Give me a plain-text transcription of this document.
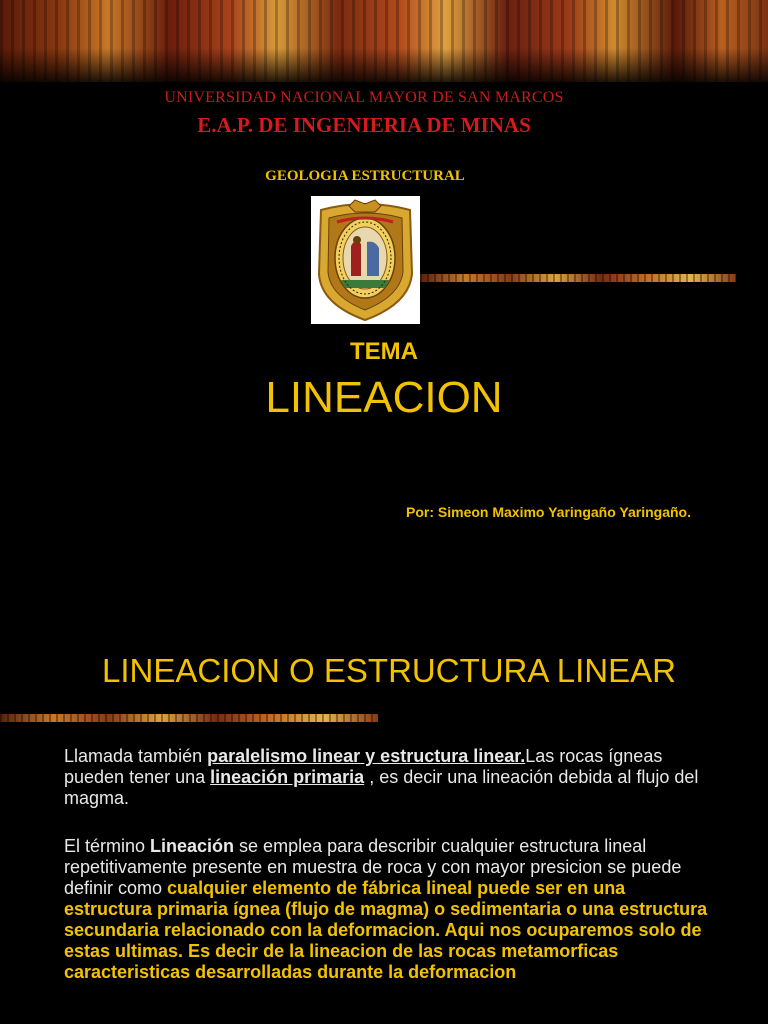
UNIVERSIDAD NACIONAL MAYOR DE SAN MARCOS
E.A.P. DE INGENIERIA DE MINAS
GEOLOGIA ESTRUCTURAL
TEMA
LINEACION
Por: Simeon Maximo Yaringaño Yaringaño.
LINEACION O ESTRUCTURA LINEAR
Llamada también paralelismo linear y estructura linear.Las rocas ígneas pueden tener una lineación primaria , es decir una lineación debida al flujo del magma.
El término Lineación se emplea para describir cualquier estructura lineal repetitivamente presente en muestra de roca y con mayor presicion se puede definir como cualquier elemento de fábrica lineal puede ser en una estructura primaria ígnea (flujo de magma) o sedimentaria o una estructura secundaria relacionado con la deformacion. Aqui nos ocuparemos solo de estas ultimas. Es decir de la lineacion de las rocas metamorficas caracteristicas desarrolladas durante la deformacion
